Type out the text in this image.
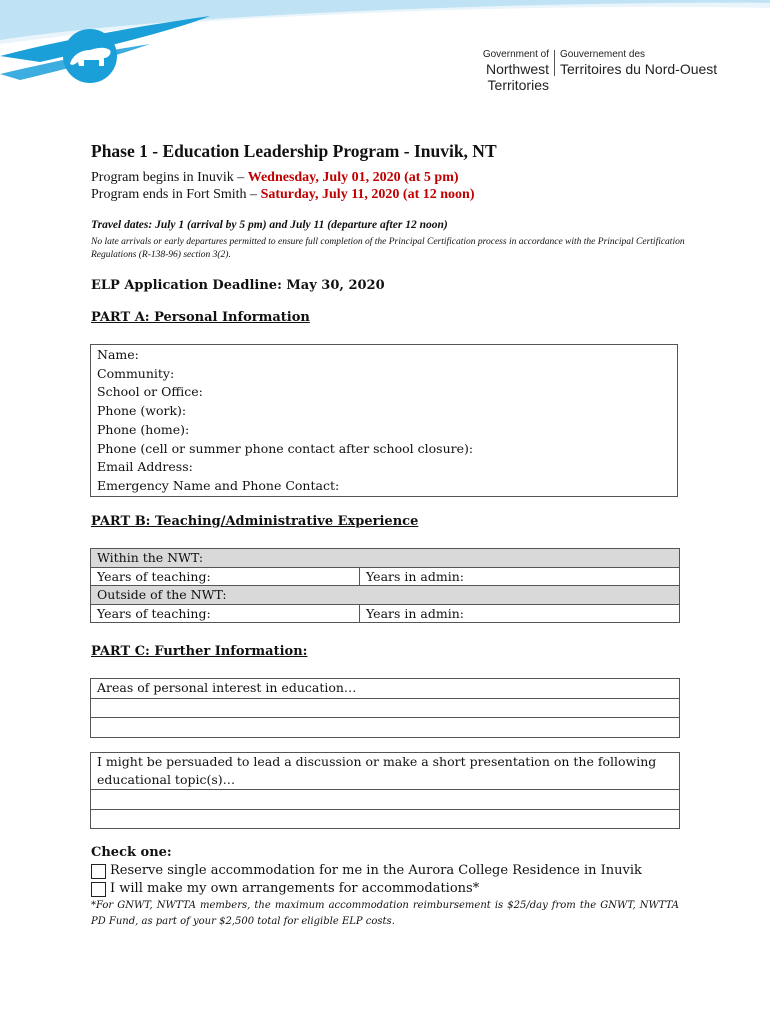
Government of
Northwest Territories
Gouvernement des
Territoires du Nord-Ouest
Phase 1 - Education Leadership Program - Inuvik, NT
Program begins in Inuvik – Wednesday, July 01, 2020 (at 5 pm)
Program ends in Fort Smith – Saturday, July 11, 2020 (at 12 noon)
Travel dates: July 1 (arrival by 5 pm) and July 11 (departure after 12 noon)
No late arrivals or early departures permitted to ensure full completion of the Principal Certification process in accordance with the Principal Certification Regulations (R-138-96) section 3(2).
ELP Application Deadline: May 30, 2020
PART A: Personal Information
Name:
Community:
School or Office:
Phone (work):
Phone (home):
Phone (cell or summer phone contact after school closure):
Email Address:
Emergency Name and Phone Contact:
PART B: Teaching/Administrative Experience
Within the NWT:	
Years of teaching:	Years in admin:
Outside of the NWT:	
Years of teaching:	Years in admin:
PART C: Further Information:
Areas of personal interest in education…

I might be persuaded to lead a discussion or make a short presentation on the following educational topic(s)…

Check one:
Reserve single accommodation for me in the Aurora College Residence in Inuvik
I will make my own arrangements for accommodations*
*For GNWT, NWTTA members, the maximum accommodation reimbursement is $25/day from the GNWT, NWTTA PD Fund, as part of your $2,500 total for eligible ELP costs.
